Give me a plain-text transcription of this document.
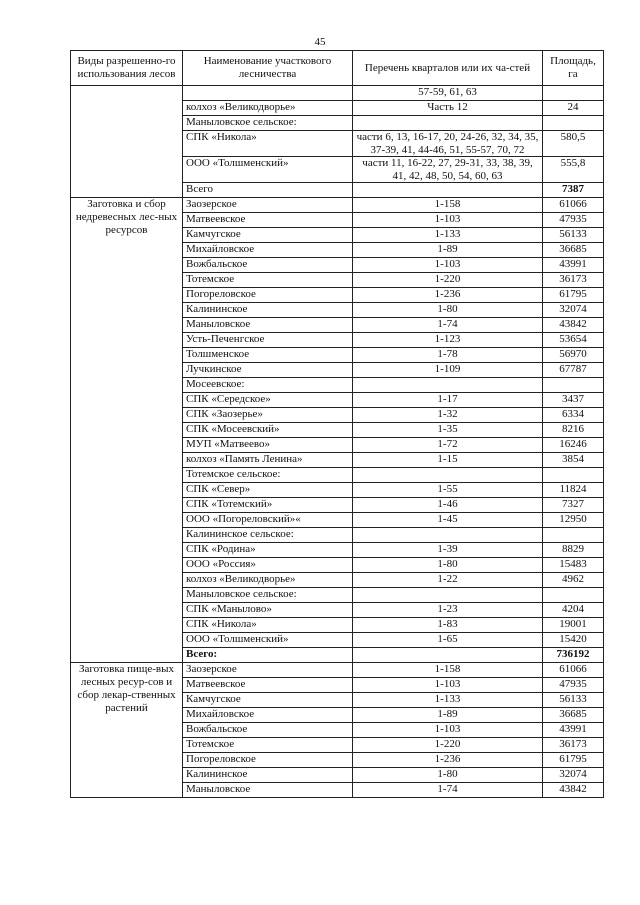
45
Виды разрешенно-го использования лесов	Наименование участкового лесничества	Перечень кварталов или их ча-стей	Площадь, га
		57-59, 61, 63	
	колхоз «Великодворье»	Часть 12	24
	Маныловское сельское:		
	СПК «Никола»	части 6, 13, 16-17, 20, 24-26, 32, 34, 35, 37-39, 41, 44-46, 51, 55-57, 70, 72	580,5
	ООО «Толшменский»	части 11, 16-22, 27, 29-31, 33, 38, 39, 41, 42, 48, 50, 54, 60, 63	555,8
	Всего		7387
Заготовка и сбор недревесных лес-ных ресурсов	Заозерское	1-158	61066
	Матвеевское	1-103	47935
	Камчугское	1-133	56133
	Михайловское	1-89	36685
	Вожбальское	1-103	43991
	Тотемское	1-220	36173
	Погореловское	1-236	61795
	Калининское	1-80	32074
	Маныловское	1-74	43842
	Усть-Печенгское	1-123	53654
	Толшменское	1-78	56970
	Лучкинское	1-109	67787
	Мосеевское:		
	СПК «Середское»	1-17	3437
	СПК «Заозерье»	1-32	6334
	СПК «Мосеевский»	1-35	8216
	МУП «Матвеево»	1-72	16246
	колхоз «Память Ленина»	1-15	3854
	Тотемское сельское:		
	СПК «Север»	1-55	11824
	СПК «Тотемский»	1-46	7327
	ООО «Погореловский»«	1-45	12950
	Калининское сельское:		
	СПК «Родина»	1-39	8829
	ООО «Россия»	1-80	15483
	колхоз «Великодворье»	1-22	4962
	Маныловское сельское:		
	СПК «Манылово»	1-23	4204
	СПК «Никола»	1-83	19001
	ООО «Толшменский»	1-65	15420
	Всего:		736192
Заготовка пище-вых лесных ресур-сов и сбор лекар-ственных растений	Заозерское	1-158	61066
	Матвеевское	1-103	47935
	Камчугское	1-133	56133
	Михайловское	1-89	36685
	Вожбальское	1-103	43991
	Тотемское	1-220	36173
	Погореловское	1-236	61795
	Калининское	1-80	32074
	Маныловское	1-74	43842
